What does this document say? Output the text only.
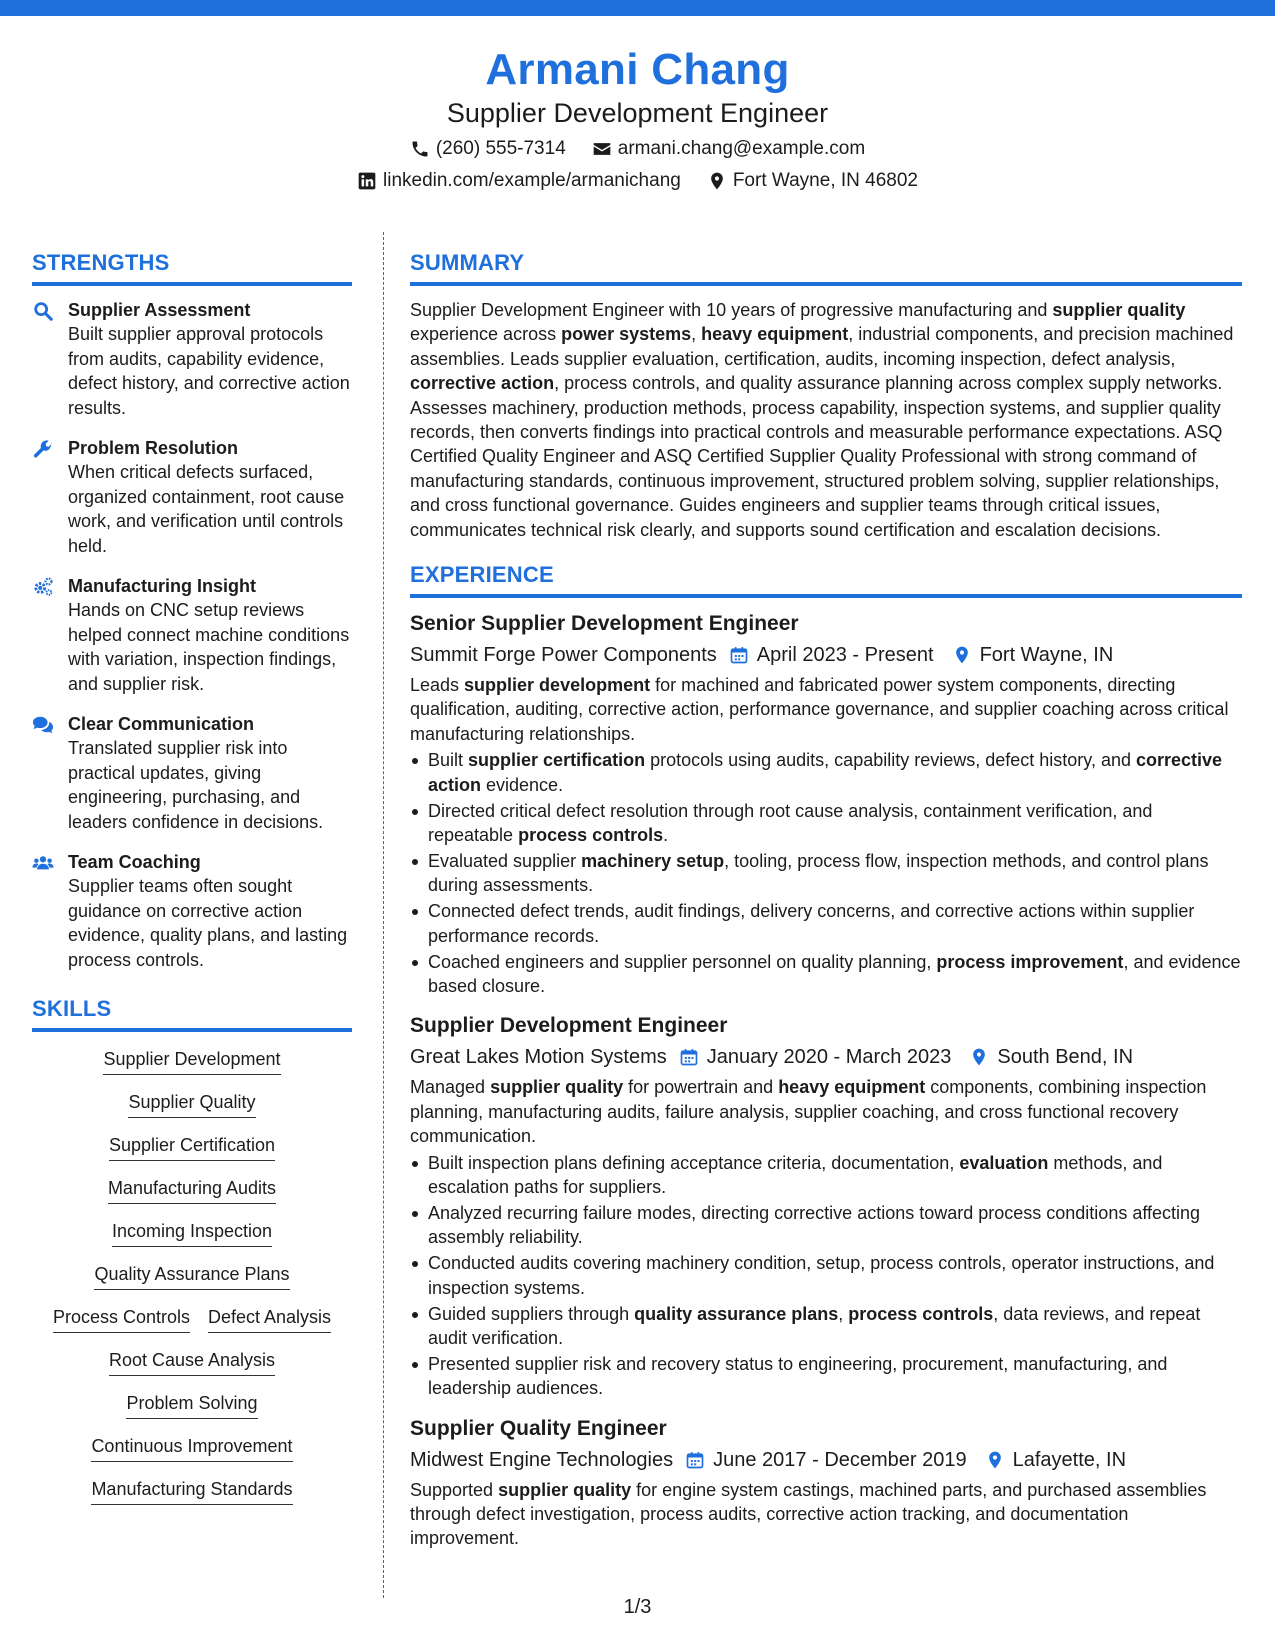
Armani Chang
Supplier Development Engineer
(260) 555-7314	armani.chang@example.com
linkedin.com/example/armanichang	Fort Wayne, IN 46802
STRENGTHS
Supplier Assessment
Built supplier approval protocols from audits, capability evidence, defect history, and corrective action results.
Problem Resolution
When critical defects surfaced, organized containment, root cause work, and verification until controls held.
Manufacturing Insight
Hands on CNC setup reviews helped connect machine conditions with variation, inspection findings, and supplier risk.
Clear Communication
Translated supplier risk into practical updates, giving engineering, purchasing, and leaders confidence in decisions.
Team Coaching
Supplier teams often sought guidance on corrective action evidence, quality plans, and lasting process controls.
SKILLS
Supplier Development
Supplier Quality
Supplier Certification
Manufacturing Audits
Incoming Inspection
Quality Assurance Plans
Process Controls Defect Analysis
Root Cause Analysis
Problem Solving
Continuous Improvement
Manufacturing Standards
SUMMARY

Supplier Development Engineer with 10 years of progressive manufacturing and supplier quality experience across power systems, heavy equipment, industrial components, and precision machined assemblies. Leads supplier evaluation, certification, audits, incoming inspection, defect analysis, corrective action, process controls, and quality assurance planning across complex supply networks. Assesses machinery, production methods, process capability, inspection systems, and supplier quality records, then converts findings into practical controls and measurable performance expectations. ASQ Certified Quality Engineer and ASQ Certified Supplier Quality Professional with strong command of manufacturing standards, continuous improvement, structured problem solving, supplier relationships, and cross functional governance. Guides engineers and supplier teams through critical issues, communicates technical risk clearly, and supports sound certification and escalation decisions.

EXPERIENCE
Senior Supplier Development Engineer
Summit Forge Power Components April 2023 - Present Fort Wayne, IN

Leads supplier development for machined and fabricated power system components, directing qualification, auditing, corrective action, performance governance, and supplier coaching across critical manufacturing relationships.

Built supplier certification protocols using audits, capability reviews, defect history, and corrective action evidence.
Directed critical defect resolution through root cause analysis, containment verification, and repeatable process controls.
Evaluated supplier machinery setup, tooling, process flow, inspection methods, and control plans during assessments.
Connected defect trends, audit findings, delivery concerns, and corrective actions within supplier performance records.
Coached engineers and supplier personnel on quality planning, process improvement, and evidence based closure.
Supplier Development Engineer
Great Lakes Motion Systems January 2020 - March 2023 South Bend, IN

Managed supplier quality for powertrain and heavy equipment components, combining inspection planning, manufacturing audits, failure analysis, supplier coaching, and cross functional recovery communication.

Built inspection plans defining acceptance criteria, documentation, evaluation methods, and escalation paths for suppliers.
Analyzed recurring failure modes, directing corrective actions toward process conditions affecting assembly reliability.
Conducted audits covering machinery condition, setup, process controls, operator instructions, and inspection systems.
Guided suppliers through quality assurance plans, process controls, data reviews, and repeat audit verification.
Presented supplier risk and recovery status to engineering, procurement, manufacturing, and leadership audiences.
Supplier Quality Engineer
Midwest Engine Technologies June 2017 - December 2019 Lafayette, IN

Supported supplier quality for engine system castings, machined parts, and purchased assemblies through defect investigation, process audits, corrective action tracking, and documentation improvement.

1/3
